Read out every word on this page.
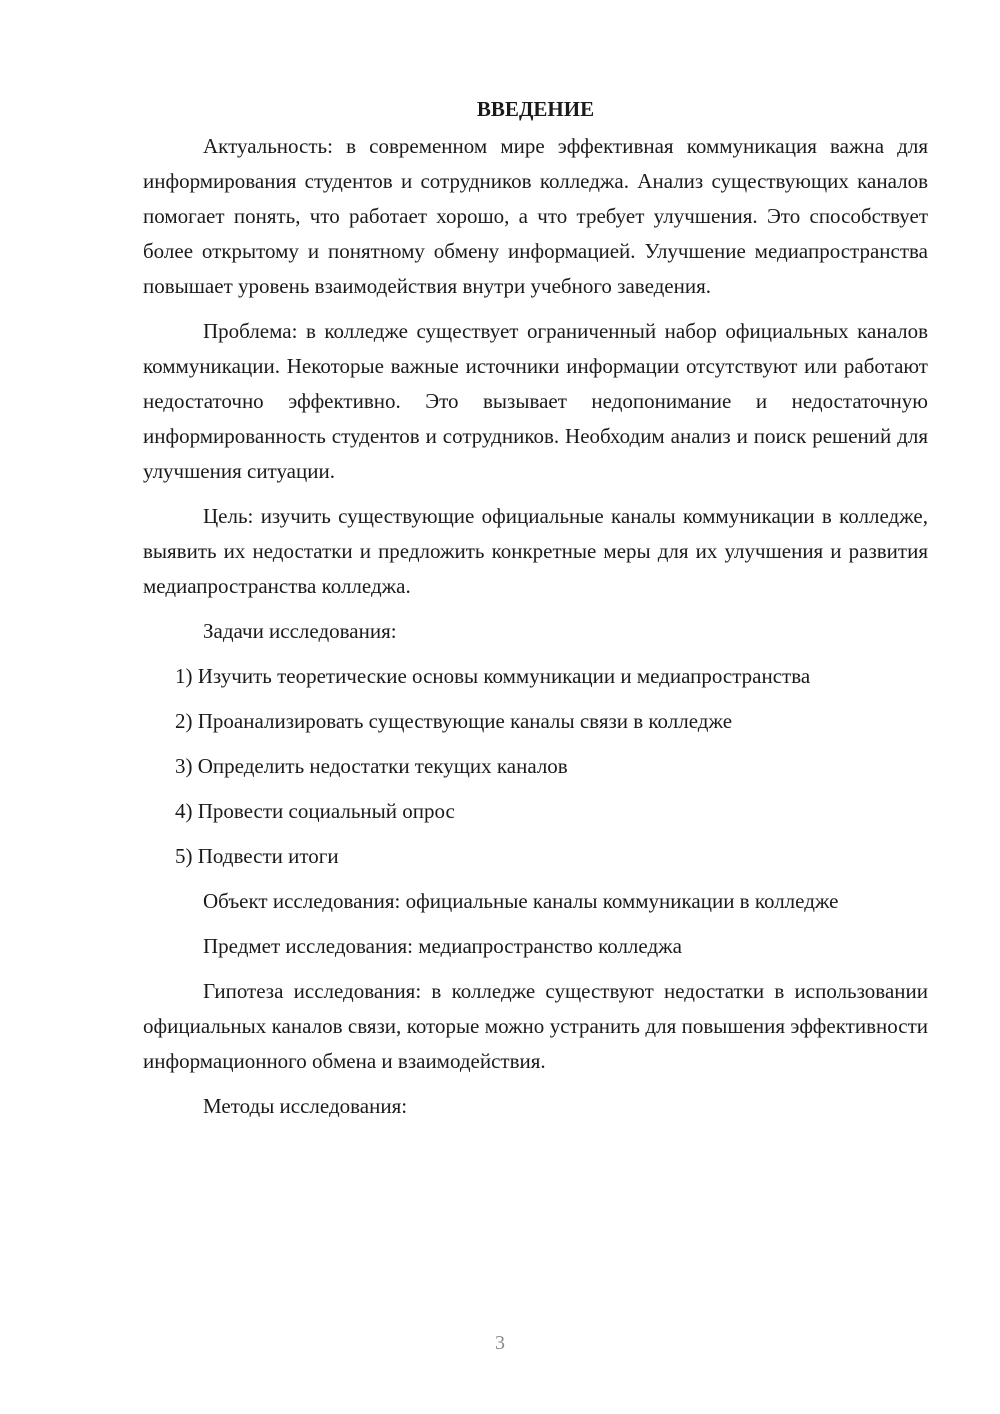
ВВЕДЕНИЕ

Актуальность: в современном мире эффективная коммуникация важна для информирования студентов и сотрудников колледжа. Анализ существующих каналов помогает понять, что работает хорошо, а что требует улучшения. Это способствует более открытому и понятному обмену информацией. Улучшение медиапространства повышает уровень взаимодействия внутри учебного заведения.

Проблема: в колледже существует ограниченный набор официальных каналов коммуникации. Некоторые важные источники информации отсутствуют или работают недостаточно эффективно. Это вызывает недопонимание и недостаточную информированность студентов и сотрудников. Необходим анализ и поиск решений для улучшения ситуации.

Цель: изучить существующие официальные каналы коммуникации в колледже, выявить их недостатки и предложить конкретные меры для их улучшения и развития медиапространства колледжа.

Задачи исследования:

1) Изучить теоретические основы коммуникации и медиапространства

2) Проанализировать существующие каналы связи в колледже

3) Определить недостатки текущих каналов

4) Провести социальный опрос

5) Подвести итоги

Объект исследования: официальные каналы коммуникации в колледже

Предмет исследования: медиапространство колледжа

Гипотеза исследования: в колледже существуют недостатки в использовании официальных каналов связи, которые можно устранить для повышения эффективности информационного обмена и взаимодействия.

Методы исследования:

3
